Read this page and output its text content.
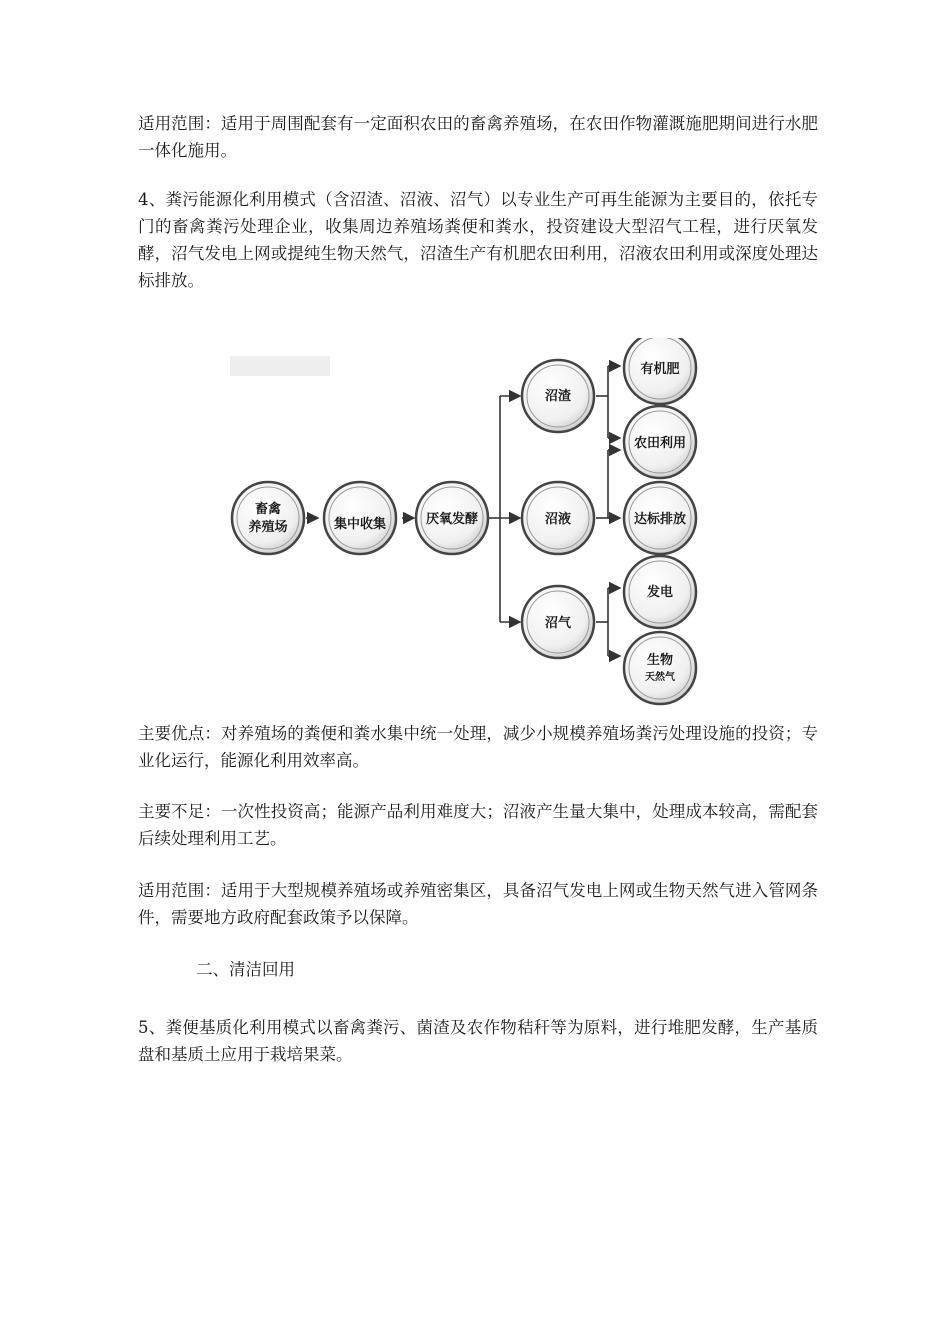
适用范围：适用于周围配套有一定面积农田的畜禽养殖场，在农田作物灌溉施肥期间进行水肥一体化施用。

4、粪污能源化利用模式（含沼渣、沼液、沼气）以专业生产可再生能源为主要目的，依托专门的畜禽粪污处理企业，收集周边养殖场粪便和粪水，投资建设大型沼气工程，进行厌氧发酵，沼气发电上网或提纯生物天然气，沼渣生产有机肥农田利用，沼液农田利用或深度处理达标排放。

畜禽
养殖场	集中收集	厌氧发酵
沼渣
沼液
沼气
有机肥
农田利用
达标排放
发电
生物
天然气

主要优点：对养殖场的粪便和粪水集中统一处理，减少小规模养殖场粪污处理设施的投资；专业化运行，能源化利用效率高。

主要不足：一次性投资高；能源产品利用难度大；沼液产生量大集中，处理成本较高，需配套后续处理利用工艺。

适用范围：适用于大型规模养殖场或养殖密集区，具备沼气发电上网或生物天然气进入管网条件，需要地方政府配套政策予以保障。

二、清洁回用

5、粪便基质化利用模式以畜禽粪污、菌渣及农作物秸秆等为原料，进行堆肥发酵，生产基质盘和基质土应用于栽培果菜。
